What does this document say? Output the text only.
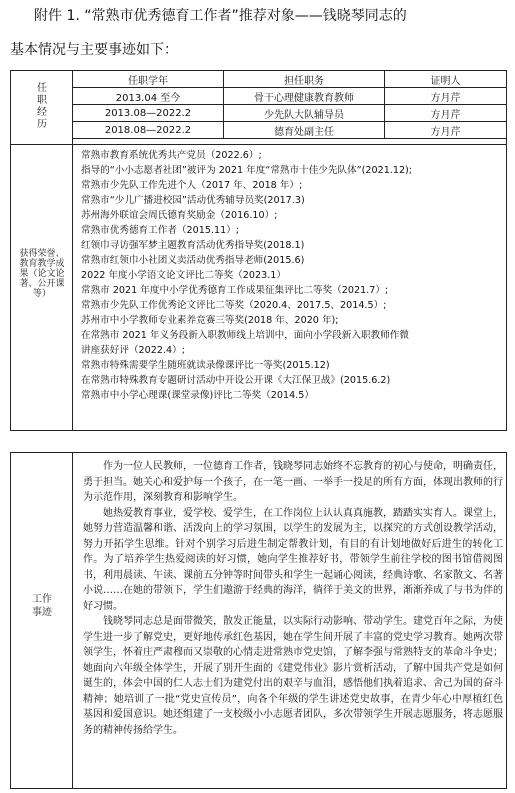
附件 1. “常熟市优秀德育工作者”推荐对象——钱晓琴同志的
基本情况与主要事迹如下：
任职经历
任职学年	担任职务	证明人
2013.04 至今	骨干心理健康教育教师	方月芹
2013.08—2022.2	少先队大队辅导员	方月芹
2018.08—2022.2	德育处副主任	方月芹
获得荣誉、教育教学成果（论文论著、公开课等）
常熟市教育系统优秀共产党员（2022.6）;
指导的“小小志愿者社团”被评为 2021 年度“常熟市十佳少先队体”(2021.12);
常熟市少先队工作先进个人（2017 年、2018 年）;
常熟市“少儿广播进校园”活动优秀辅导员奖(2017.3)
苏州海外联谊会周氏德育奖励金（2016.10）;
常熟市优秀德育工作者（2015.11）;
红领巾寻访强军梦主题教育活动优秀指导奖(2018.1)
常熟市红领巾小社团义卖活动优秀指导老师(2015.6)
2022 年度小学语文论文评比二等奖（2023.1）
常熟市 2021 年度中小学优秀德育工作成果征集评比二等奖（2021.7）;
常熟市少先队工作优秀论文评比二等奖（2020.4、2017.5、2014.5）;
苏州市中小学教师专业素养竞赛三等奖(2018 年、2020 年);
在常熟市 2021 年义务段新入职教师线上培训中，面向小学段新入职教师作微
讲座获好评（2022.4）;
常熟市特殊需要学生随班就读录像课评比一等奖(2015.12)
在常熟市特殊教育专题研讨活动中开设公开课《大江保卫战》(2015.6.2)
常熟市中小学心理课(课堂录像)评比二等奖（2014.5）
工作事迹

作为一位人民教师，一位德育工作者，钱晓琴同志始终不忘教育的初心与使命，明确责任，勇于担当。她关心和爱护每一个孩子，在一笔一画、一举手一投足的所有方面，体现出教师的行为示范作用，深刻教育和影响学生。

她热爱教育事业，爱学校、爱学生，在工作岗位上认认真真施教，踏踏实实育人。课堂上，她努力营造温馨和谐、活泼向上的学习氛围，以学生的发展为主，以探究的方式创设教学活动，努力开拓学生思维。针对个别学习后进生制定帮教计划，有目的有计划地做好后进生的转化工作。为了培养学生热爱阅读的好习惯，她向学生推荐好书，带领学生前往学校的图书馆借阅图书，利用晨读、午读、课前五分钟等时间带头和学生一起诵心阅读，经典诗歌、名家散文、名著小说……在她的带领下，学生们遨游于经典的海洋，徜徉于美文的世界，渐渐养成了与书为伴的好习惯。

钱晓琴同志总是面带微笑，散发正能量，以实际行动影响、带动学生。建党百年之际，为使学生进一步了解党史，更好地传承红色基因，她在学生间开展了丰富的党史学习教育。她两次带领学生，怀着庄严肃穆而又崇敬的心情走进常熟市党史馆，了解李强与常熟特支的革命斗争史；她面向六年级全体学生，开展了别开生面的《建党伟业》影片赏析活动，了解中国共产党是如何诞生的，体会中国的仁人志士们为建党付出的艰辛与血泪，感悟他们执着追求、舍己为国的奋斗精神；她培训了一批“党史宣传员”，向各个年级的学生讲述党史故事，在青少年心中厚植红色基因和爱国意识。她还组建了一支校级小小志愿者团队，多次带领学生开展志愿服务，将志愿服务的精神传扬给学生。
